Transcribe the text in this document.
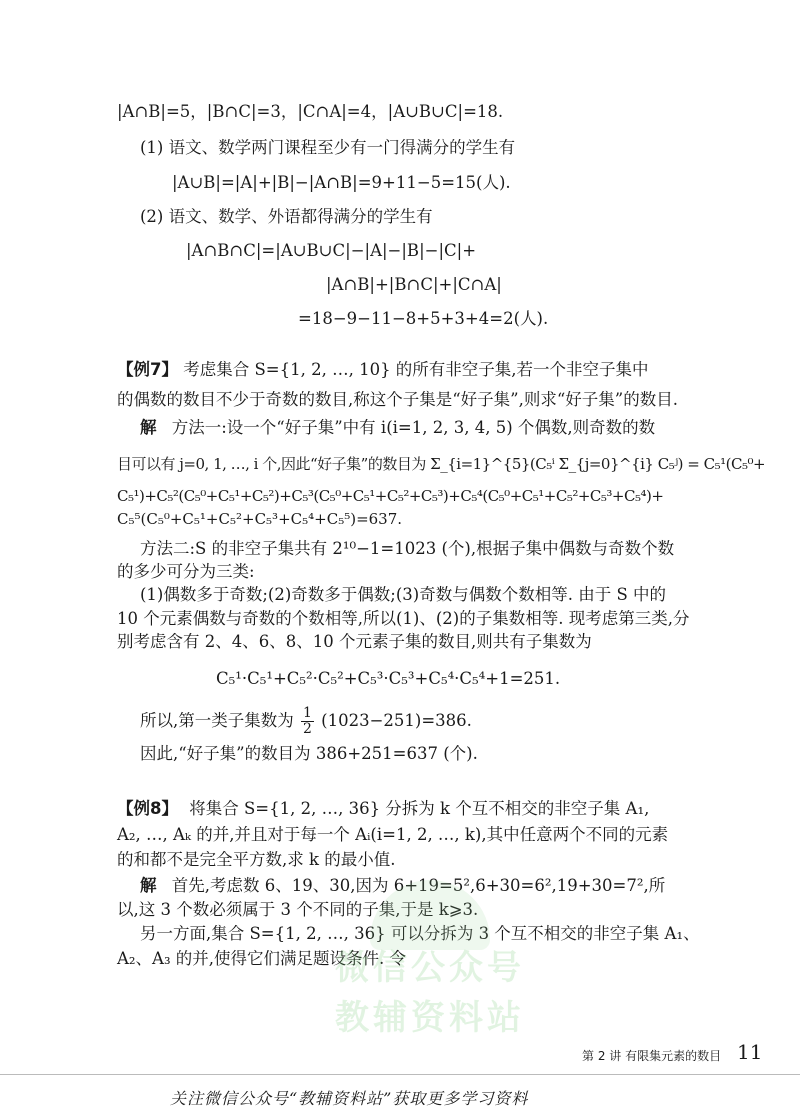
|A∩B|=5，|B∩C|=3，|C∩A|=4，|A∪B∪C|=18.
(1) 语文、数学两门课程至少有一门得满分的学生有
|A∪B|=|A|+|B|−|A∩B|=9+11−5=15(人).
(2) 语文、数学、外语都得满分的学生有
|A∩B∩C|=|A∪B∪C|−|A|−|B|−|C|+
|A∩B|+|B∩C|+|C∩A|
=18−9−11−8+5+3+4=2(人).
【例7】 考虑集合 S={1, 2, …, 10} 的所有非空子集,若一个非空子集中
的偶数的数目不少于奇数的数目,称这个子集是“好子集”,则求“好子集”的数目.
解 方法一:设一个“好子集”中有 i(i=1, 2, 3, 4, 5) 个偶数,则奇数的数
目可以有 j=0, 1, …, i 个,因此“好子集”的数目为 Σ_{i=1}^{5}(C₅ⁱ Σ_{j=0}^{i} C₅ʲ) = C₅¹(C₅⁰+
C₅¹)+C₅²(C₅⁰+C₅¹+C₅²)+C₅³(C₅⁰+C₅¹+C₅²+C₅³)+C₅⁴(C₅⁰+C₅¹+C₅²+C₅³+C₅⁴)+
C₅⁵(C₅⁰+C₅¹+C₅²+C₅³+C₅⁴+C₅⁵)=637.
方法二:S 的非空子集共有 2¹⁰−1=1023 (个),根据子集中偶数与奇数个数
的多少可分为三类:
(1)偶数多于奇数;(2)奇数多于偶数;(3)奇数与偶数个数相等. 由于 S 中的
10 个元素偶数与奇数的个数相等,所以(1)、(2)的子集数相等. 现考虑第三类,分
别考虑含有 2、4、6、8、10 个元素子集的数目,则共有子集数为
C₅¹·C₅¹+C₅²·C₅²+C₅³·C₅³+C₅⁴·C₅⁴+1=251.
所以,第一类子集数为 $\frac{1}{2} (1023-251)=386$.
因此,“好子集”的数目为 386+251=637 (个).
【例8】 将集合 S={1, 2, …, 36} 分拆为 k 个互不相交的非空子集 A₁,
A₂, …, Aₖ 的并,并且对于每一个 Aᵢ(i=1, 2, …, k),其中任意两个不同的元素
的和都不是完全平方数,求 k 的最小值.
解 首先,考虑数 6、19、30,因为 6+19=5²,6+30=6²,19+30=7²,所
以,这 3 个数必须属于 3 个不同的子集,于是 k⩾3.
另一方面,集合 S={1, 2, …, 36} 可以分拆为 3 个互不相交的非空子集 A₁、
A₂、A₃ 的并,使得它们满足题设条件. 令
微信公众号
教辅资料站
第 2 讲 有限集元素的数目 11
关注微信公众号“教辅资料站”获取更多学习资料
